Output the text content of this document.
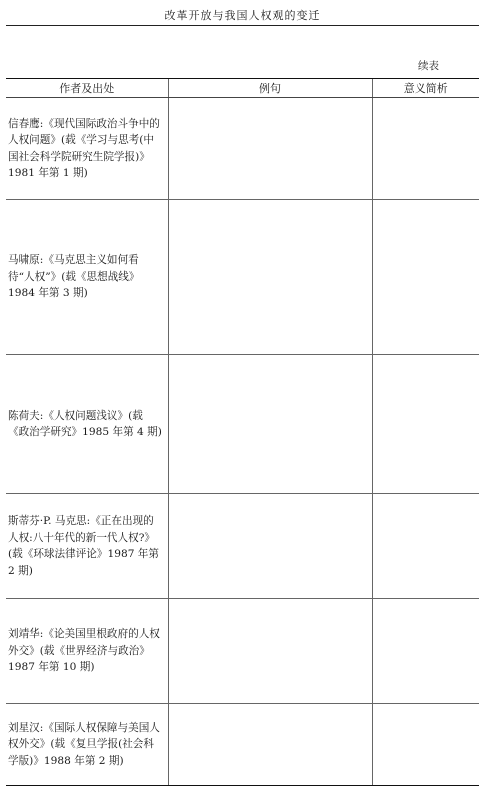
改革开放与我国人权观的变迁
续表
作者及出处	例句	意义简析
信春鹰:《现代国际政治斗争中的人权问题》(载《学习与思考(中国社会科学院研究生院学报)》1981 年第 1 期)		
马啸原:《马克思主义如何看待“人权”》(载《思想战线》1984 年第 3 期)		
陈荷夫:《人权问题浅议》(载《政治学研究》1985 年第 4 期)		
斯蒂芬·P. 马克思:《正在出现的人权:八十年代的新一代人权?》(载《环球法律评论》1987 年第 2 期)		
刘靖华:《论美国里根政府的人权外交》(载《世界经济与政治》1987 年第 10 期)		
刘星汉:《国际人权保障与美国人权外交》(载《复旦学报(社会科学版)》1988 年第 2 期)		
